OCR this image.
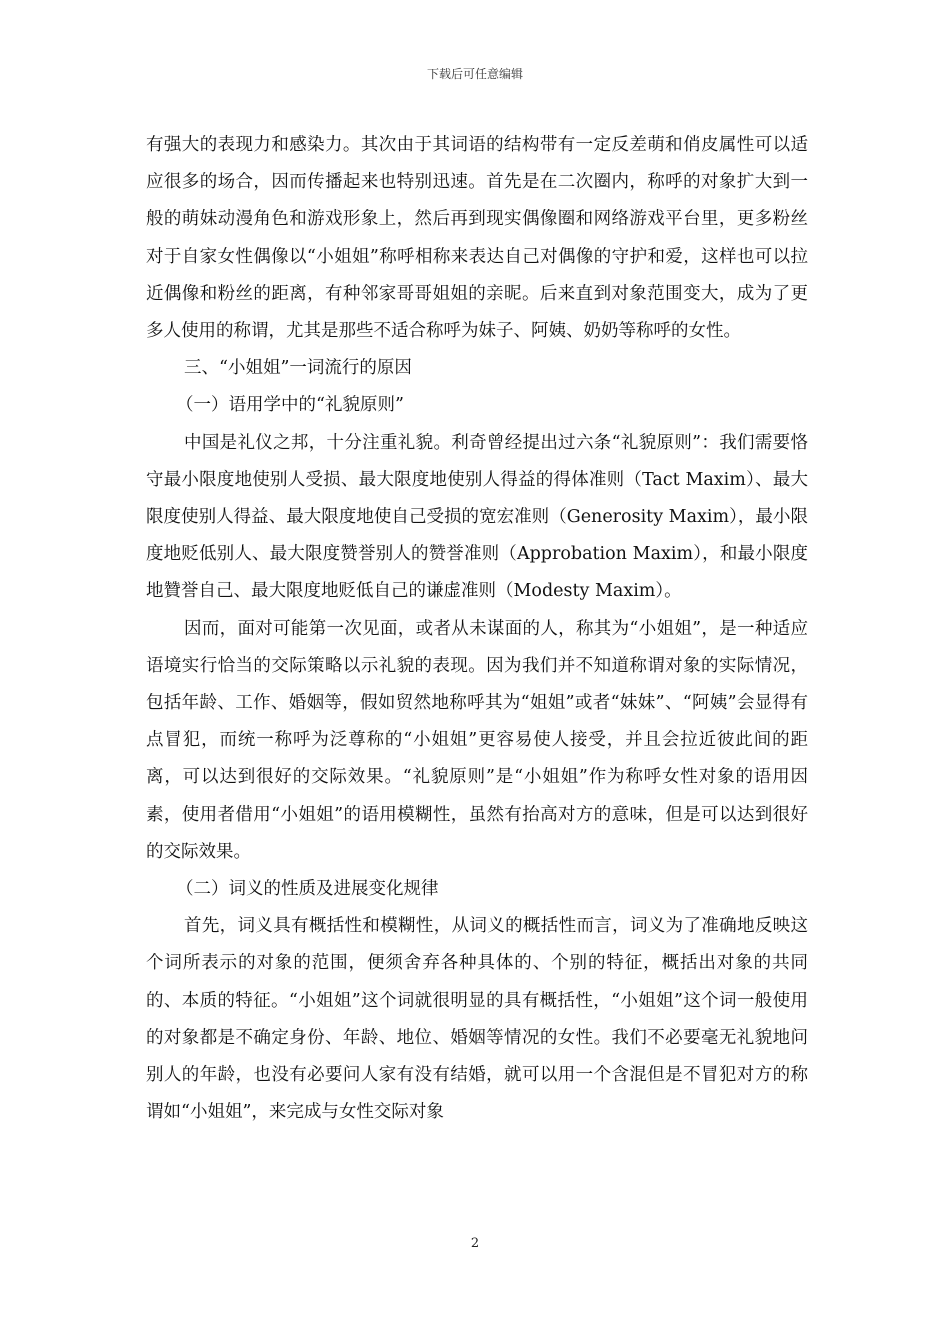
下载后可任意编辑

有强大的表现力和感染力。其次由于其词语的结构带有一定反差萌和俏皮属性可以适应很多的场合，因而传播起来也特别迅速。首先是在二次圈内，称呼的对象扩大到一般的萌妹动漫角色和游戏形象上，然后再到现实偶像圈和网络游戏平台里，更多粉丝对于自家女性偶像以“小姐姐”称呼相称来表达自己对偶像的守护和爱，这样也可以拉近偶像和粉丝的距离，有种邻家哥哥姐姐的亲昵。后来直到对象范围变大，成为了更多人使用的称谓，尤其是那些不适合称呼为妹子、阿姨、奶奶等称呼的女性。

三、“小姐姐”一词流行的原因

（一）语用学中的“礼貌原则”

中国是礼仪之邦，十分注重礼貌。利奇曾经提出过六条“礼貌原则”：我们需要恪守最小限度地使别人受损、最大限度地使别人得益的得体准则（Tact Maxim）、最大限度使别人得益、最大限度地使自己受损的宽宏准则（Generosity Maxim），最小限度地贬低别人、最大限度赞誉别人的赞誉准则（Approbation Maxim），和最小限度地贊誉自己、最大限度地贬低自己的谦虚准则（Modesty Maxim）。

因而，面对可能第一次见面，或者从未谋面的人，称其为“小姐姐”，是一种适应语境实行恰当的交际策略以示礼貌的表现。因为我们并不知道称谓对象的实际情况，包括年龄、工作、婚姻等，假如贸然地称呼其为“姐姐”或者“妹妹”、“阿姨”会显得有点冒犯，而统一称呼为泛尊称的“小姐姐”更容易使人接受，并且会拉近彼此间的距离，可以达到很好的交际效果。“礼貌原则”是“小姐姐”作为称呼女性对象的语用因素，使用者借用“小姐姐”的语用模糊性，虽然有抬高对方的意味，但是可以达到很好的交际效果。

（二）词义的性质及进展变化规律

首先，词义具有概括性和模糊性，从词义的概括性而言，词义为了准确地反映这个词所表示的对象的范围，便须舍弃各种具体的、个别的特征，概括出对象的共同的、本质的特征。“小姐姐”这个词就很明显的具有概括性，“小姐姐”这个词一般使用的对象都是不确定身份、年龄、地位、婚姻等情况的女性。我们不必要毫无礼貌地问别人的年龄，也没有必要问人家有没有结婚，就可以用一个含混但是不冒犯对方的称谓如“小姐姐”，来完成与女性交际对象

2
